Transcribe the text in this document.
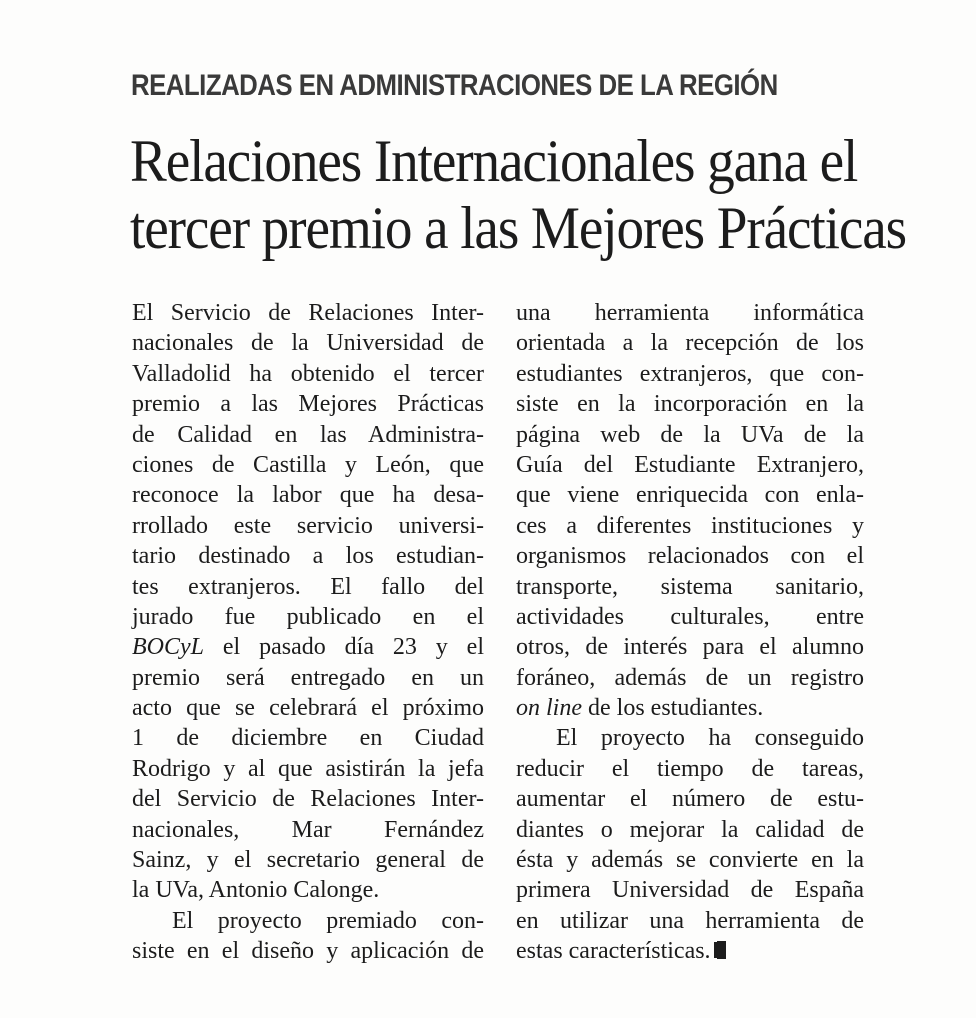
REALIZADAS EN ADMINISTRACIONES DE LA REGIÓN
Relaciones Internacionales gana el
tercer premio a las Mejores Prácticas
El Servicio de Relaciones Inter-
nacionales de la Universidad de
Valladolid ha obtenido el tercer
premio a las Mejores Prácticas
de Calidad en las Administra-
ciones de Castilla y León, que
reconoce la labor que ha desa-
rrollado este servicio universi-
tario destinado a los estudian-
tes extranjeros. El fallo del
jurado fue publicado en el
BOCyL el pasado día 23 y el
premio será entregado en un
acto que se celebrará el próximo
1 de diciembre en Ciudad
Rodrigo y al que asistirán la jefa
del Servicio de Relaciones Inter-
nacionales, Mar Fernández
Sainz, y el secretario general de
la UVa, Antonio Calonge.
El proyecto premiado con-
siste en el diseño y aplicación de
una herramienta informática
orientada a la recepción de los
estudiantes extranjeros, que con-
siste en la incorporación en la
página web de la UVa de la
Guía del Estudiante Extranjero,
que viene enriquecida con enla-
ces a diferentes instituciones y
organismos relacionados con el
transporte, sistema sanitario,
actividades culturales, entre
otros, de interés para el alumno
foráneo, además de un registro
on line de los estudiantes.
El proyecto ha conseguido
reducir el tiempo de tareas,
aumentar el número de estu-
diantes o mejorar la calidad de
ésta y además se convierte en la
primera Universidad de España
en utilizar una herramienta de
estas características.
